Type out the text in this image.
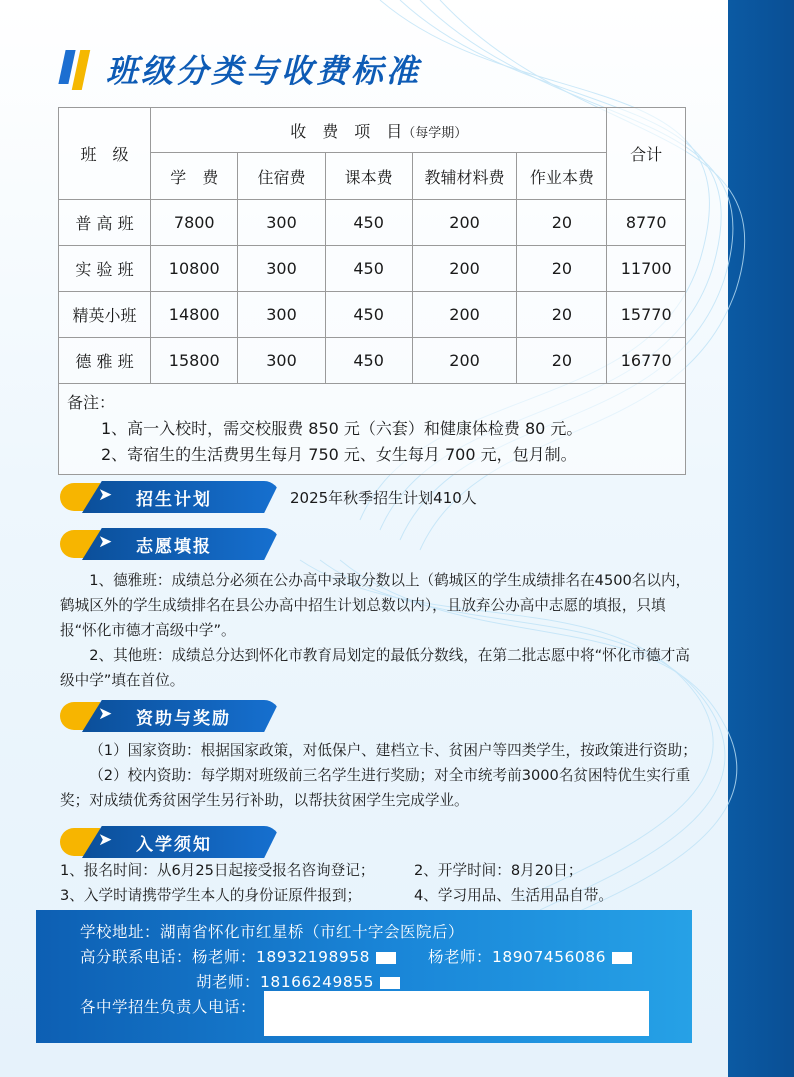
班级分类与收费标准
班　级	收　费　项　目（每学期）					合计
	学　费	住宿费	课本费	教辅材料费	作业本费	
普 高 班	7800	300	450	200	20	8770
实 验 班	10800	300	450	200	20	11700
精英小班	14800	300	450	200	20	15770
德 雅 班	15800	300	450	200	20	16770

备注：
1、高一入校时，需交校服费 850 元（六套）和健康体检费 80 元。
2、寄宿生的生活费男生每月 750 元、女生每月 700 元，包月制。						
➤ 招生计划	2025年秋季招生计划410人
➤ 志愿填报

1、德雅班：成绩总分必须在公办高中录取分数以上（鹤城区的学生成绩排名在4500名以内，鹤城区外的学生成绩排名在县公办高中招生计划总数以内），且放弃公办高中志愿的填报，只填报“怀化市德才高级中学”。

2、其他班：成绩总分达到怀化市教育局划定的最低分数线，在第二批志愿中将“怀化市德才高级中学”填在首位。

➤ 资助与奖励

（1）国家资助：根据国家政策，对低保户、建档立卡、贫困户等四类学生，按政策进行资助；

（2）校内资助：每学期对班级前三名学生进行奖励；对全市统考前3000名贫困特优生实行重奖；对成绩优秀贫困学生另行补助，以帮扶贫困学生完成学业。

➤ 入学须知
1、报名时间：从6月25日起接受报名咨询登记；	2、开学时间：8月20日；
3、入学时请携带学生本人的身份证原件报到；	4、学习用品、生活用品自带。
学校地址：湖南省怀化市红星桥（市红十字会医院后）
高分联系电话：杨老师：18932198958	杨老师：18907456086
胡老师：18166249855
各中学招生负责人电话：
